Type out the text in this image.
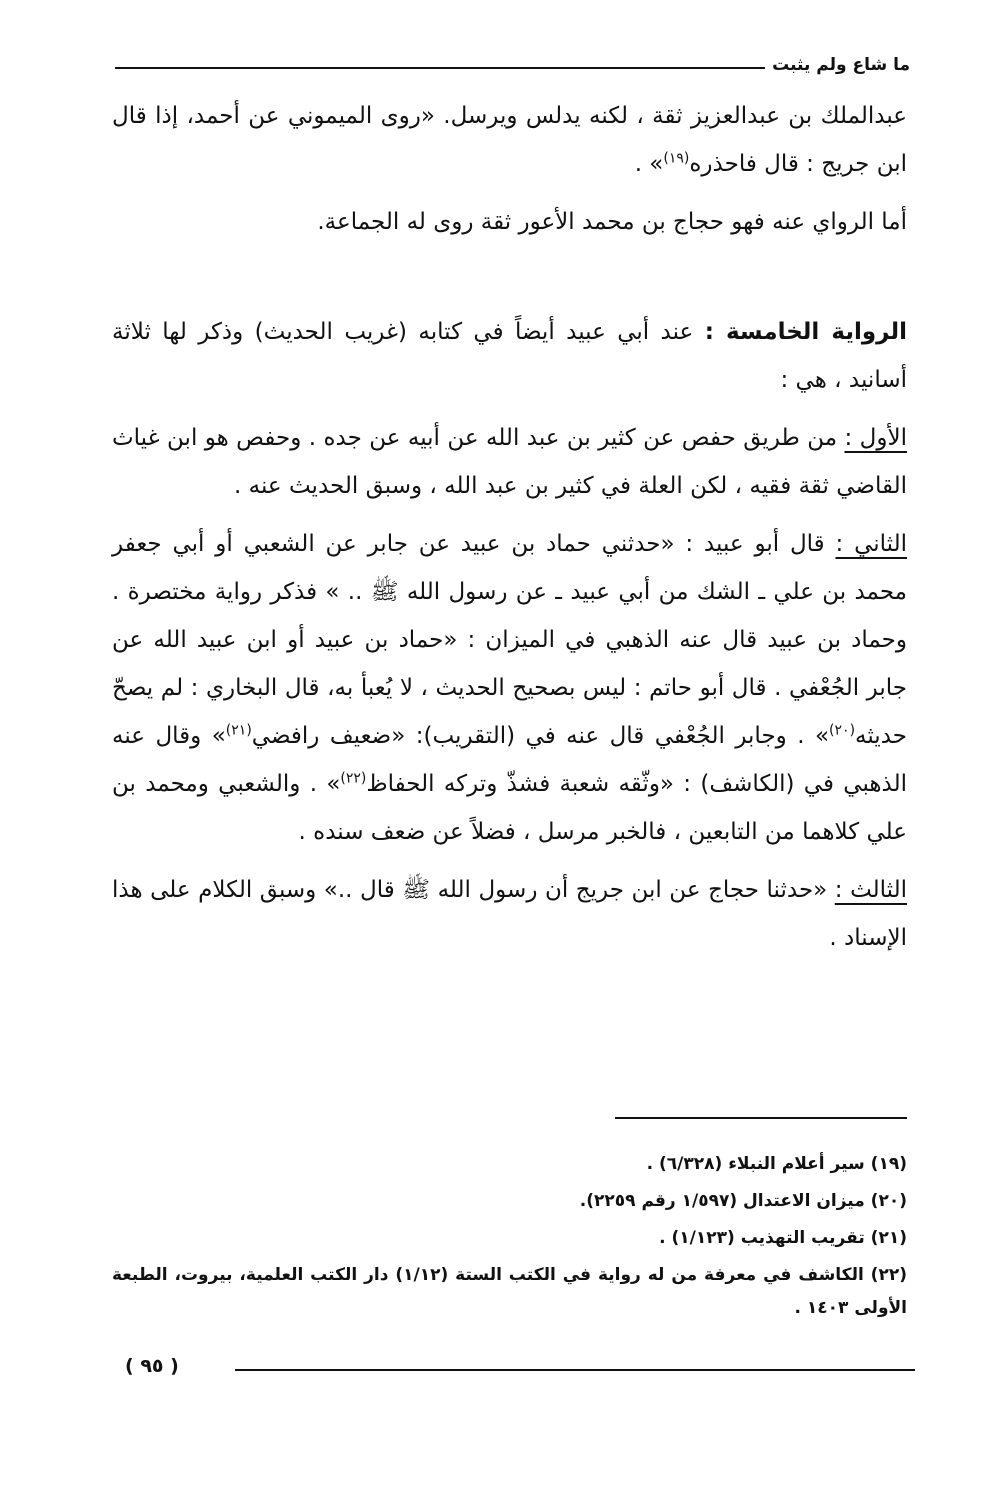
ما شاع ولم يثبت

عبدالملك بن عبدالعزيز ثقة ، لكنه يدلس ويرسل. «روى الميموني عن أحمد، إذا قال ابن جريج : قال فاحذره$^{(١٩)}$» .

أما الرواي عنه فهو حجاج بن محمد الأعور ثقة روى له الجماعة.

الرواية الخامسة : عند أبي عبيد أيضاً في كتابه (غريب الحديث) وذكر لها ثلاثة أسانيد ، هي :

الأول : من طريق حفص عن كثير بن عبد الله عن أبيه عن جده . وحفص هو ابن غياث القاضي ثقة فقيه ، لكن العلة في كثير بن عبد الله ، وسبق الحديث عنه .

الثاني : قال أبو عبيد : «حدثني حماد بن عبيد عن جابر عن الشعبي أو أبي جعفر محمد بن علي ـ الشك من أبي عبيد ـ عن رسول الله ﷺ .. » فذكر رواية مختصرة . وحماد بن عبيد قال عنه الذهبي في الميزان : «حماد بن عبيد أو ابن عبيد الله عن جابر الجُعْفي . قال أبو حاتم : ليس بصحيح الحديث ، لا يُعبأ به، قال البخاري : لم يصحّ حديثه$^{(٢٠)}$» . وجابر الجُعْفي قال عنه في (التقريب): «ضعيف رافضي$^{(٢١)}$» وقال عنه الذهبي في (الكاشف) : «وثّقه شعبة فشذّ وتركه الحفاظ$^{(٢٢)}$» . والشعبي ومحمد بن علي كلاهما من التابعين ، فالخبر مرسل ، فضلاً عن ضعف سنده .

الثالث : «حدثنا حجاج عن ابن جريج أن رسول الله ﷺ قال ..» وسبق الكلام على هذا الإسناد .

(١٩) سير أعلام النبلاء (٦/٣٢٨) .

(٢٠) ميزان الاعتدال (١/٥٩٧ رقم ٢٢٥٩).

(٢١) تقريب التهذيب (١/١٢٣) .

(٢٢) الكاشف في معرفة من له رواية في الكتب الستة (١/١٢) دار الكتب العلمية، بيروت، الطبعة الأولى ١٤٠٣ .

( ٩٥ )
